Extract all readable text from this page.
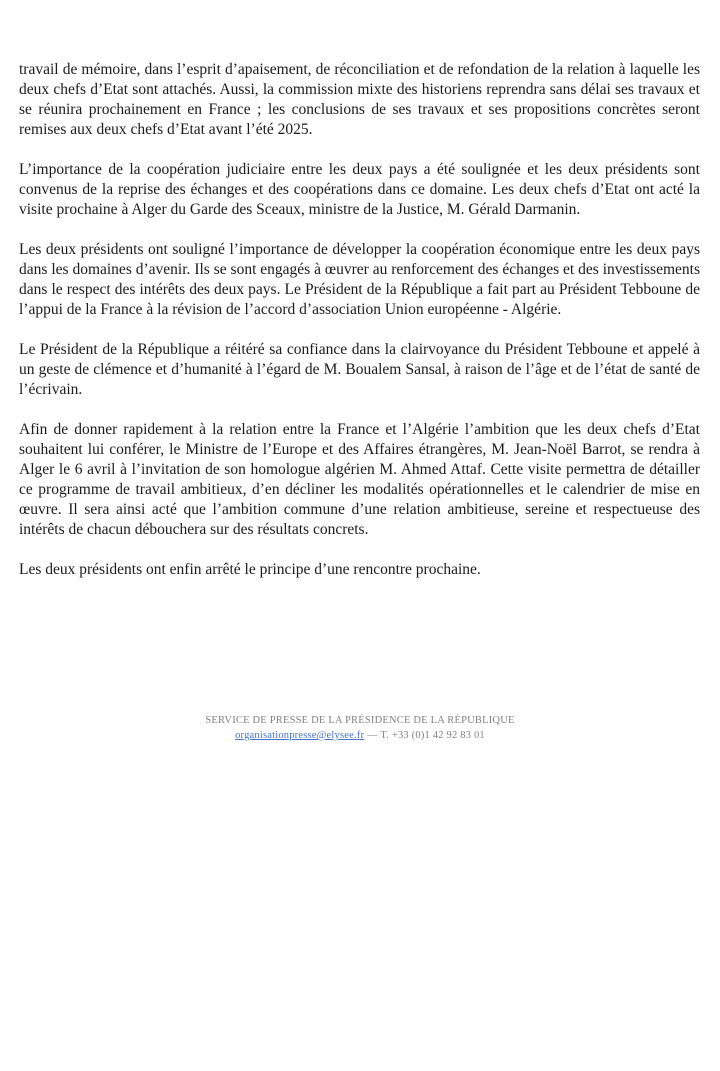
travail de mémoire, dans l’esprit d’apaisement, de réconciliation et de refondation de la relation à laquelle les deux chefs d’Etat sont attachés. Aussi, la commission mixte des historiens reprendra sans délai ses travaux et se réunira prochainement en France ; les conclusions de ses travaux et ses propositions concrètes seront remises aux deux chefs d’Etat avant l’été 2025.

L’importance de la coopération judiciaire entre les deux pays a été soulignée et les deux présidents sont convenus de la reprise des échanges et des coopérations dans ce domaine. Les deux chefs d’Etat ont acté la visite prochaine à Alger du Garde des Sceaux, ministre de la Justice, M. Gérald Darmanin.

Les deux présidents ont souligné l’importance de développer la coopération économique entre les deux pays dans les domaines d’avenir. Ils se sont engagés à œuvrer au renforcement des échanges et des investissements dans le respect des intérêts des deux pays. Le Président de la République a fait part au Président Tebboune de l’appui de la France à la révision de l’accord d’association Union européenne - Algérie.

Le Président de la République a réitéré sa confiance dans la clairvoyance du Président Tebboune et appelé à un geste de clémence et d’humanité à l’égard de M. Boualem Sansal, à raison de l’âge et de l’état de santé de l’écrivain.

Afin de donner rapidement à la relation entre la France et l’Algérie l’ambition que les deux chefs d’Etat souhaitent lui conférer, le Ministre de l’Europe et des Affaires étrangères, M. Jean-Noël Barrot, se rendra à Alger le 6 avril à l’invitation de son homologue algérien M. Ahmed Attaf. Cette visite permettra de détailler ce programme de travail ambitieux, d’en décliner les modalités opérationnelles et le calendrier de mise en œuvre. Il sera ainsi acté que l’ambition commune d’une relation ambitieuse, sereine et respectueuse des intérêts de chacun débouchera sur des résultats concrets.

Les deux présidents ont enfin arrêté le principe d’une rencontre prochaine.

SERVICE DE PRESSE DE LA PRÉSIDENCE DE LA RÉPUBLIQUE
organisationpresse@elysee.fr — T. +33 (0)1 42 92 83 01
